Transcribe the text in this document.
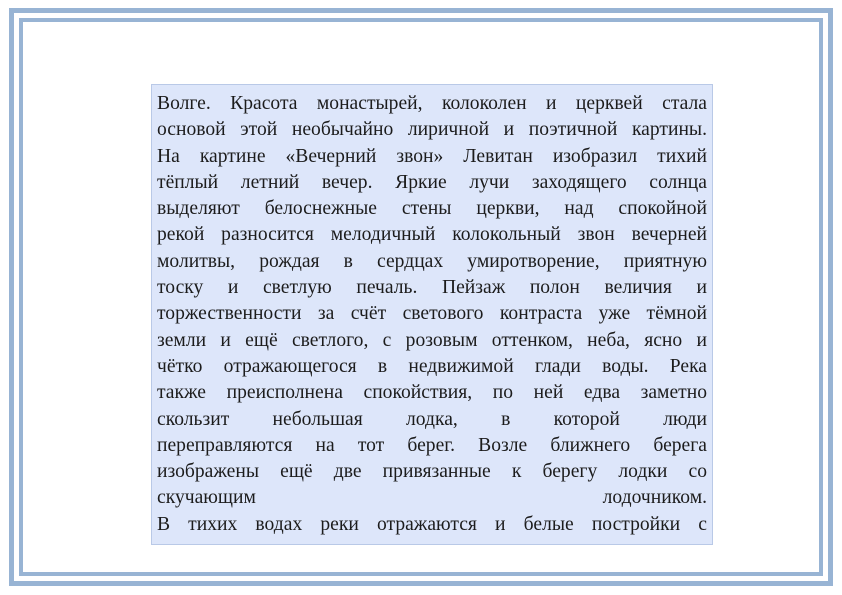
Волге. Красота монастырей, колоколен и церквей стала
основой этой необычайно лиричной и поэтичной картины.
На картине «Вечерний звон» Левитан изобразил тихий
тёплый летний вечер. Яркие лучи заходящего солнца
выделяют белоснежные стены церкви, над спокойной
рекой разносится мелодичный колокольный звон вечерней
молитвы, рождая в сердцах умиротворение, приятную
тоску и светлую печаль. Пейзаж полон величия и
торжественности за счёт светового контраста уже тёмной
земли и ещё светлого, с розовым оттенком, неба, ясно и
чётко отражающегося в недвижимой глади воды. Река
также преисполнена спокойствия, по ней едва заметно
скользит небольшая лодка, в которой люди
переправляются на тот берег. Возле ближнего берега
изображены ещё две привязанные к берегу лодки со
скучающим лодочником.
В тихих водах реки отражаются и белые постройки с
